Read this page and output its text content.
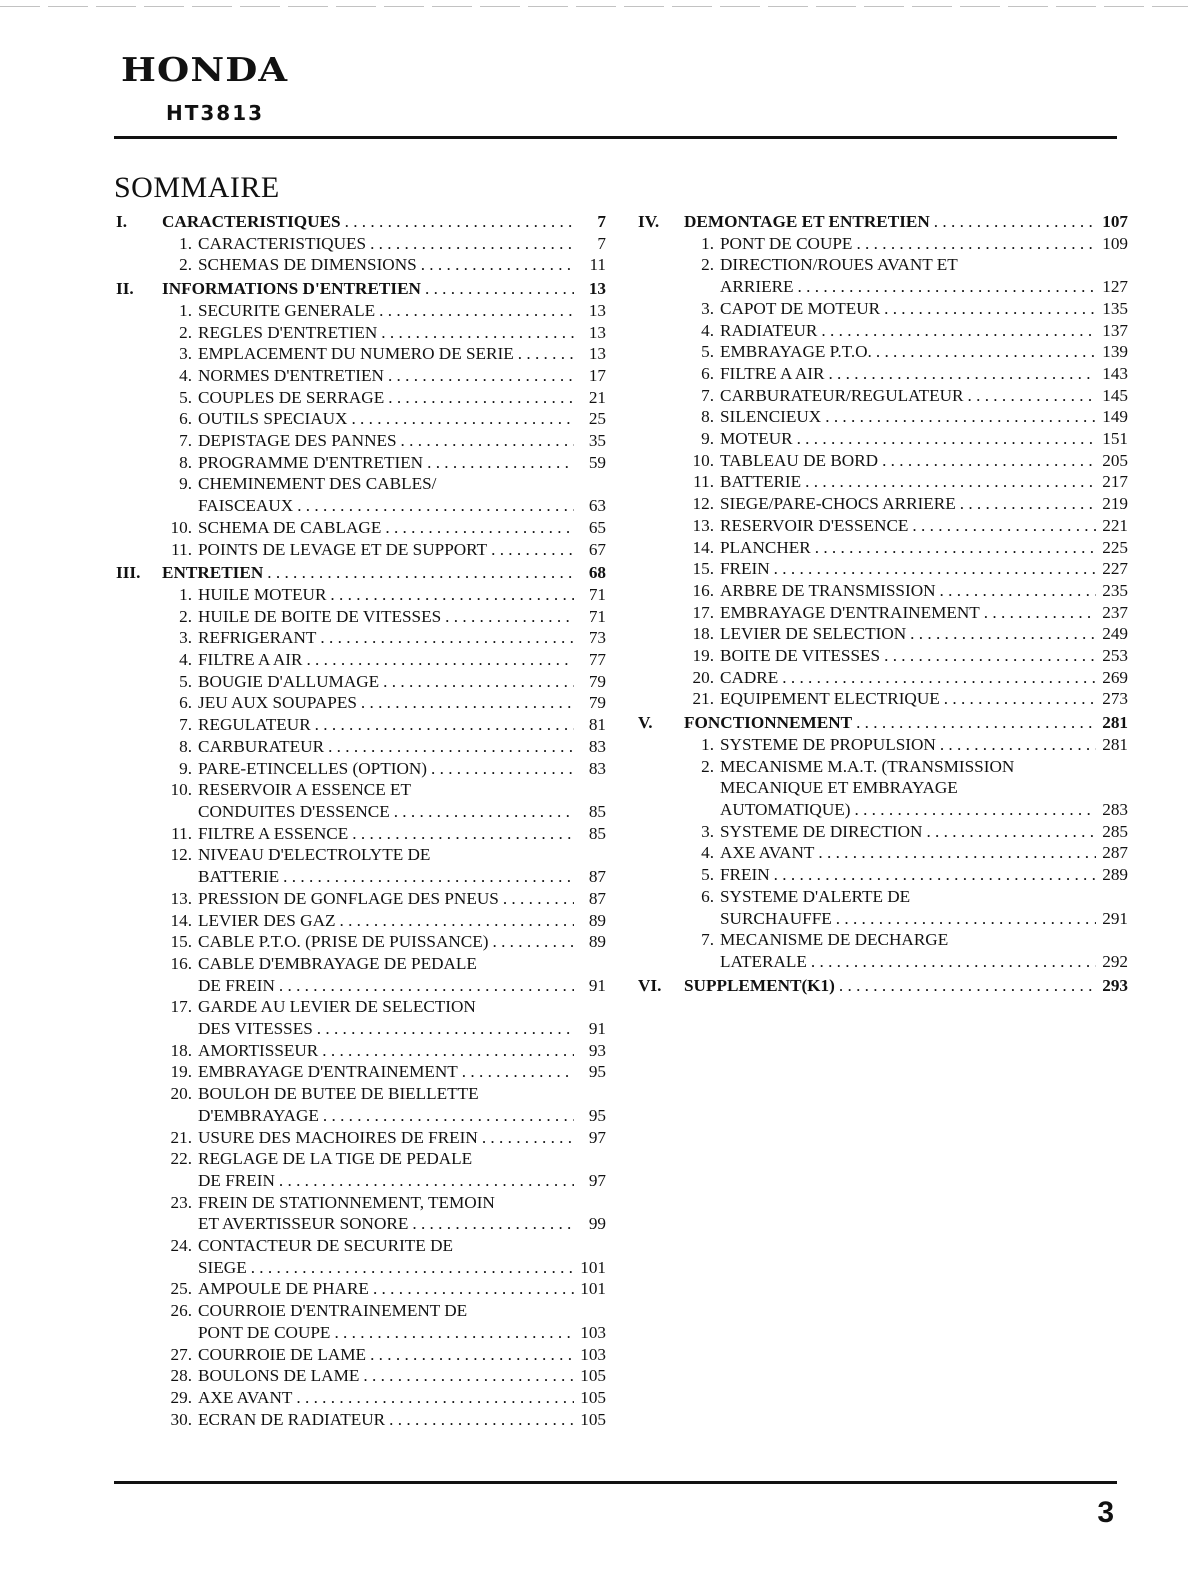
HONDA
HT3813
SOMMAIRE
I.	CARACTERISTIQUES . . .	7
1. CARACTERISTIQUES . . .	7
2. SCHEMAS DE DIMENSIONS . . .	11
II.	INFORMATIONS D'ENTRETIEN . . .	13
1. SECURITE GENERALE . . .	13
2. REGLES D'ENTRETIEN . . .	13
3. EMPLACEMENT DU NUMERO DE SERIE . . .	13
4. NORMES D'ENTRETIEN . . .	17
5. COUPLES DE SERRAGE . . .	21
6. OUTILS SPECIAUX . . .	25
7. DEPISTAGE DES PANNES . . .	35
8. PROGRAMME D'ENTRETIEN . . .	59
9. CHEMINEMENT DES CABLES/
FAISCEAUX . . .	63
10. SCHEMA DE CABLAGE . . .	65
11. POINTS DE LEVAGE ET DE SUPPORT . . .	67
III.	ENTRETIEN . . .	68
1. HUILE MOTEUR . . .	71
2. HUILE DE BOITE DE VITESSES . . .	71
3. REFRIGERANT . . .	73
4. FILTRE A AIR . . .	77
5. BOUGIE D'ALLUMAGE . . .	79
6. JEU AUX SOUPAPES . . .	79
7. REGULATEUR . . .	81
8. CARBURATEUR . . .	83
9. PARE-ETINCELLES (OPTION) . . .	83
10. RESERVOIR A ESSENCE ET
CONDUITES D'ESSENCE . . .	85
11. FILTRE A ESSENCE . . .	85
12. NIVEAU D'ELECTROLYTE DE
BATTERIE . . .	87
13. PRESSION DE GONFLAGE DES PNEUS . . .	87
14. LEVIER DES GAZ . . .	89
15. CABLE P.T.O. (PRISE DE PUISSANCE) . . .	89
16. CABLE D'EMBRAYAGE DE PEDALE
DE FREIN . . .	91
17. GARDE AU LEVIER DE SELECTION
DES VITESSES . . .	91
18. AMORTISSEUR . . .	93
19. EMBRAYAGE D'ENTRAINEMENT . . .	95
20. BOULOH DE BUTEE DE BIELLETTE
D'EMBRAYAGE . . .	95
21. USURE DES MACHOIRES DE FREIN . . .	97
22. REGLAGE DE LA TIGE DE PEDALE
DE FREIN . . .	97
23. FREIN DE STATIONNEMENT, TEMOIN
ET AVERTISSEUR SONORE . . .	99
24. CONTACTEUR DE SECURITE DE
SIEGE . . .	101
25. AMPOULE DE PHARE . . .	101
26. COURROIE D'ENTRAINEMENT DE
PONT DE COUPE . . .	103
27. COURROIE DE LAME . . .	103
28. BOULONS DE LAME . . .	105
29. AXE AVANT . . .	105
30. ECRAN DE RADIATEUR . . .	105
IV.	DEMONTAGE ET ENTRETIEN . . .	107
1. PONT DE COUPE . . .	109
2. DIRECTION/ROUES AVANT ET
ARRIERE . . .	127
3. CAPOT DE MOTEUR . . .	135
4. RADIATEUR . . .	137
5. EMBRAYAGE P.T.O. . . .	139
6. FILTRE A AIR . . .	143
7. CARBURATEUR/REGULATEUR . . .	145
8. SILENCIEUX . . .	149
9. MOTEUR . . .	151
10. TABLEAU DE BORD . . .	205
11. BATTERIE . . .	217
12. SIEGE/PARE-CHOCS ARRIERE . . .	219
13. RESERVOIR D'ESSENCE . . .	221
14. PLANCHER . . .	225
15. FREIN . . .	227
16. ARBRE DE TRANSMISSION . . .	235
17. EMBRAYAGE D'ENTRAINEMENT . . .	237
18. LEVIER DE SELECTION . . .	249
19. BOITE DE VITESSES . . .	253
20. CADRE . . .	269
21. EQUIPEMENT ELECTRIQUE . . .	273
V.	FONCTIONNEMENT . . .	281
1. SYSTEME DE PROPULSION . . .	281
2. MECANISME M.A.T. (TRANSMISSION
MECANIQUE ET EMBRAYAGE
AUTOMATIQUE) . . .	283
3. SYSTEME DE DIRECTION . . .	285
4. AXE AVANT . . .	287
5. FREIN . . .	289
6. SYSTEME D'ALERTE DE
SURCHAUFFE . . .	291
7. MECANISME DE DECHARGE
LATERALE . . .	292
VI.	SUPPLEMENT(K1) . . .	293
3
